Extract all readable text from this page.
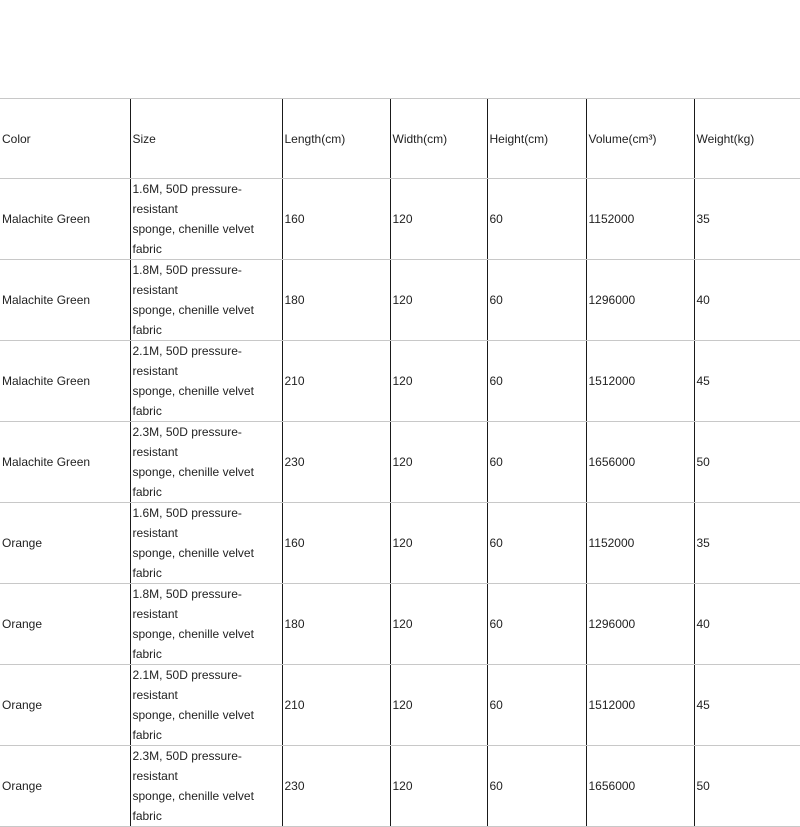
Color	Size	Length(cm)	Width(cm)	Height(cm)	Volume(cm³)	Weight(kg)
Malachite Green	1.6M, 50D pressure-resistant
sponge, chenille velvet fabric	160	120	60	1152000	35
Malachite Green	1.8M, 50D pressure-resistant
sponge, chenille velvet fabric	180	120	60	1296000	40
Malachite Green	2.1M, 50D pressure-resistant
sponge, chenille velvet fabric	210	120	60	1512000	45
Malachite Green	2.3M, 50D pressure-resistant
sponge, chenille velvet fabric	230	120	60	1656000	50
Orange	1.6M, 50D pressure-resistant
sponge, chenille velvet fabric	160	120	60	1152000	35
Orange	1.8M, 50D pressure-resistant
sponge, chenille velvet fabric	180	120	60	1296000	40
Orange	2.1M, 50D pressure-resistant
sponge, chenille velvet fabric	210	120	60	1512000	45
Orange	2.3M, 50D pressure-resistant
sponge, chenille velvet fabric	230	120	60	1656000	50
